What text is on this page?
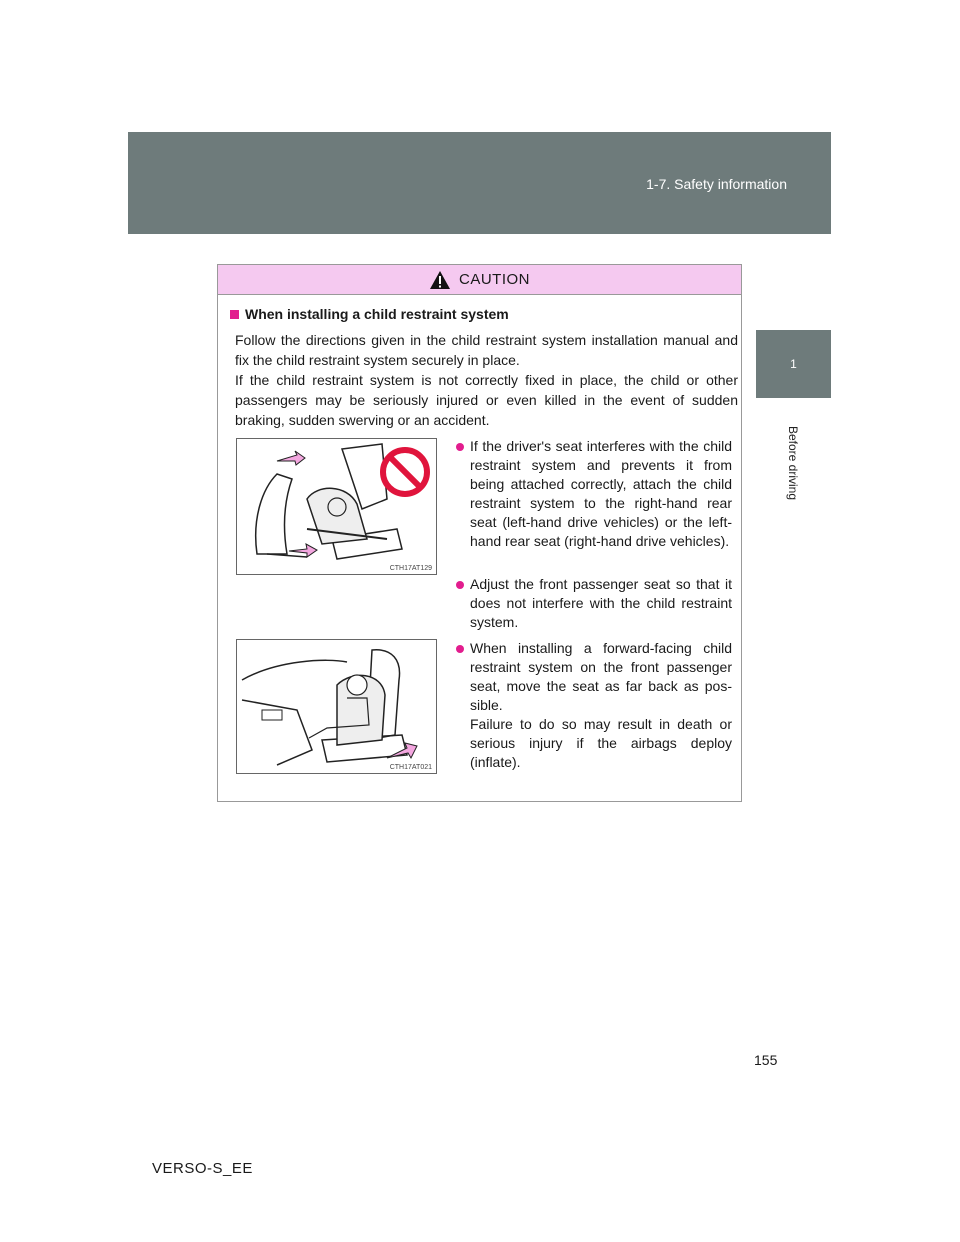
1-7. Safety information
1
Before driving
CAUTION
When installing a child restraint system

Follow the directions given in the child restraint system installation manual and fix the child restraint system securely in place.

If the child restraint system is not correctly fixed in place, the child or other passengers may be seriously injured or even killed in the event of sudden braking, sudden swerving or an accident.

CTH17AT129
CTH17AT021
If the driver's seat interferes with the child restraint system and prevents it from being attached correctly, attach the child restraint system to the right-hand rear seat (left-hand drive vehicles) or the left-hand rear seat (right-hand drive vehicles).
Adjust the front passenger seat so that it does not interfere with the child restraint system.
When installing a forward-facing child restraint system on the front passenger seat, move the seat as far back as pos-sible.
Failure to do so may result in death or serious injury if the airbags deploy (inflate).
155
VERSO-S_EE
